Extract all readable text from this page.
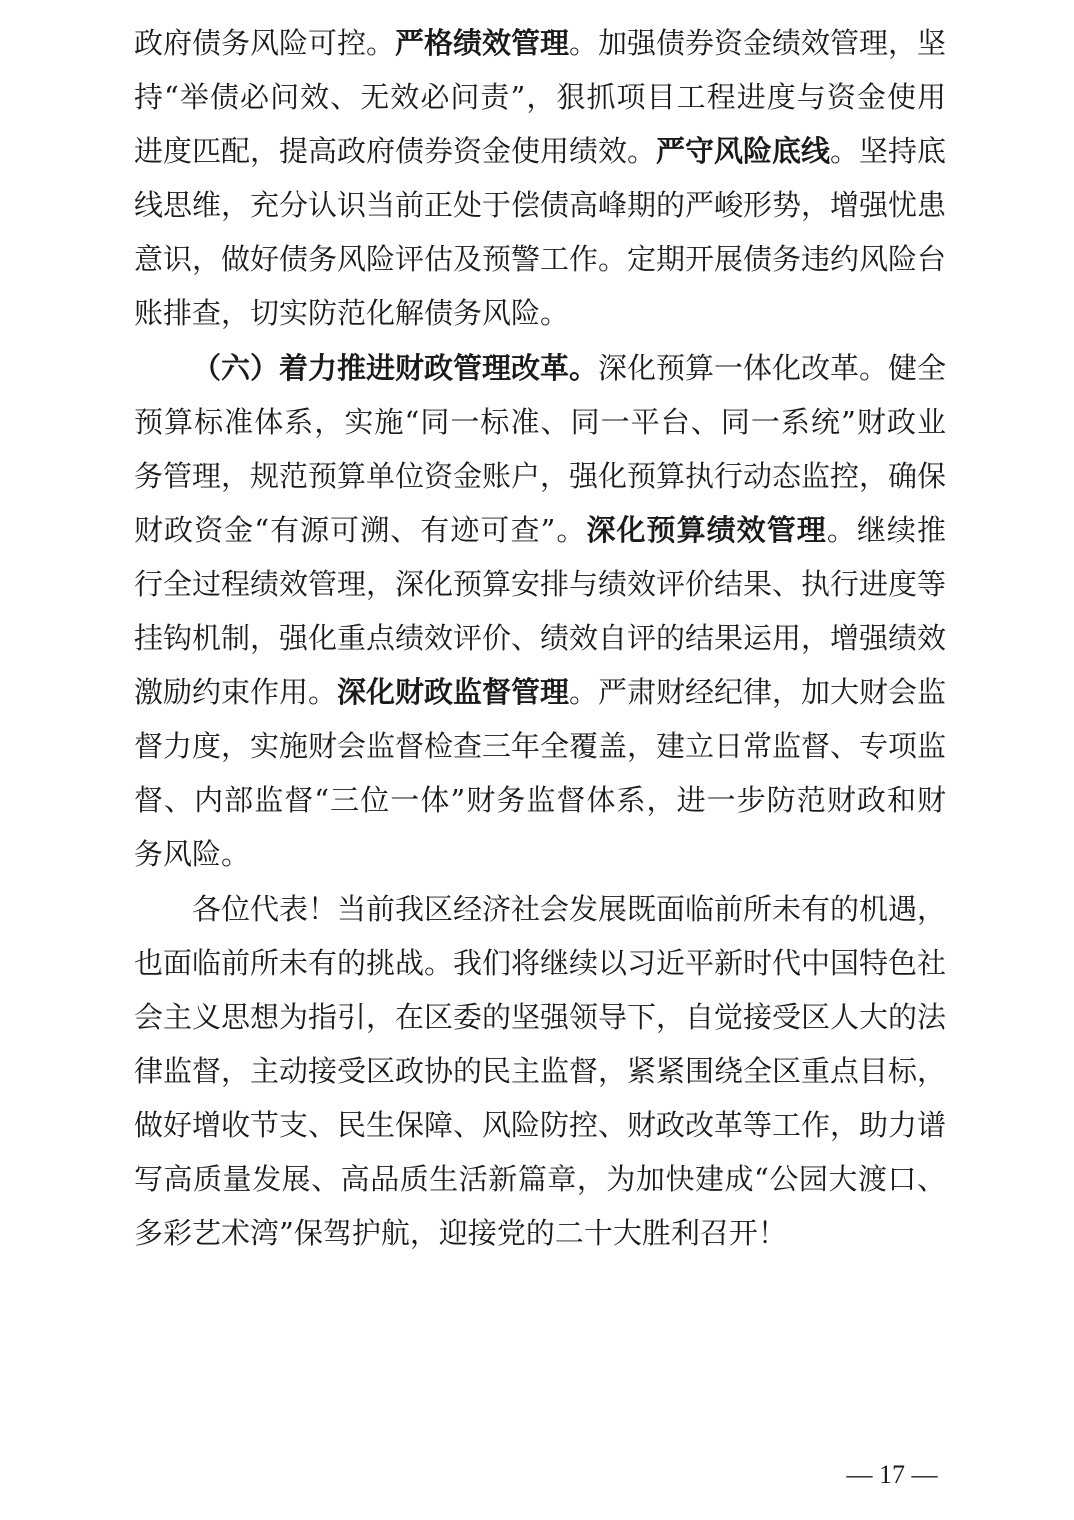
政府债务风险可控。严格绩效管理。加强债券资金绩效管理，坚
持“举债必问效、无效必问责”，狠抓项目工程进度与资金使用
进度匹配，提高政府债券资金使用绩效。严守风险底线。坚持底
线思维，充分认识当前正处于偿债高峰期的严峻形势，增强忧患
意识，做好债务风险评估及预警工作。定期开展债务违约风险台
账排查，切实防范化解债务风险。
（六）着力推进财政管理改革。深化预算一体化改革。健全
预算标准体系，实施“同一标准、同一平台、同一系统”财政业
务管理，规范预算单位资金账户，强化预算执行动态监控，确保
财政资金“有源可溯、有迹可查”。深化预算绩效管理。继续推
行全过程绩效管理，深化预算安排与绩效评价结果、执行进度等
挂钩机制，强化重点绩效评价、绩效自评的结果运用，增强绩效
激励约束作用。深化财政监督管理。严肃财经纪律，加大财会监
督力度，实施财会监督检查三年全覆盖，建立日常监督、专项监
督、内部监督“三位一体”财务监督体系，进一步防范财政和财
务风险。
各位代表！当前我区经济社会发展既面临前所未有的机遇，
也面临前所未有的挑战。我们将继续以习近平新时代中国特色社
会主义思想为指引，在区委的坚强领导下，自觉接受区人大的法
律监督，主动接受区政协的民主监督，紧紧围绕全区重点目标，
做好增收节支、民生保障、风险防控、财政改革等工作，助力谱
写高质量发展、高品质生活新篇章，为加快建成“公园大渡口、
多彩艺术湾”保驾护航，迎接党的二十大胜利召开！
— 17 —
